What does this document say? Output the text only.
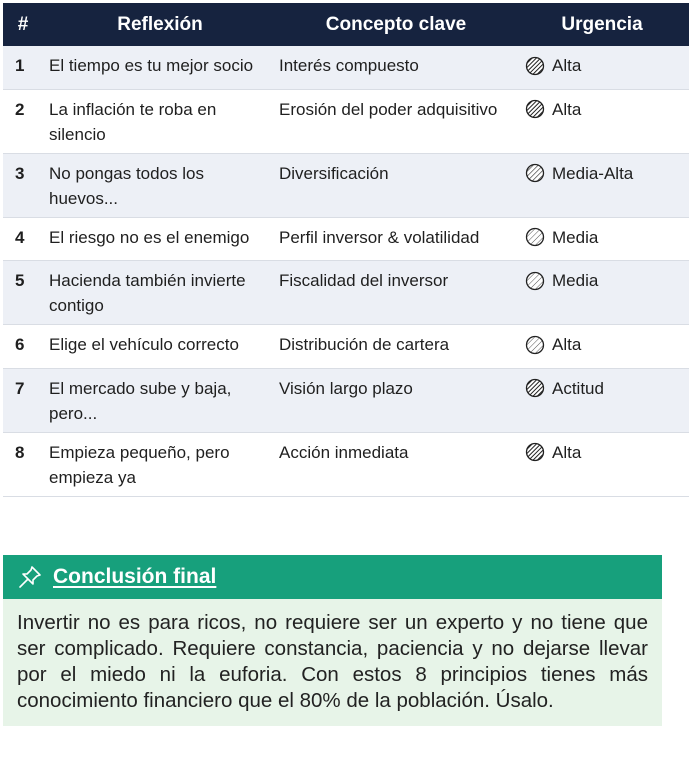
#	Reflexión	Concepto clave	Urgencia
1	El tiempo es tu mejor socio	Interés compuesto	Alta

2	La inflación te roba en silencio	Erosión del poder adquisitivo	Alta

3	No pongas todos los huevos...	Diversificación	Media-Alta

4	El riesgo no es el enemigo	Perfil inversor & volatilidad	Media

5	Hacienda también invierte contigo	Fiscalidad del inversor	Media

6	Elige el vehículo correcto	Distribución de cartera	Alta

7	El mercado sube y baja, pero...	Visión largo plazo	Actitud

8	Empieza pequeño, pero empieza ya	Acción inmediata	Alta
Conclusión final
Invertir no es para ricos, no requiere ser un experto y no tiene que ser complicado. Requiere constancia, paciencia y no dejarse llevar por el miedo ni la euforia. Con estos 8 principios tienes más conocimiento financiero que el 80% de la población. Úsalo.
